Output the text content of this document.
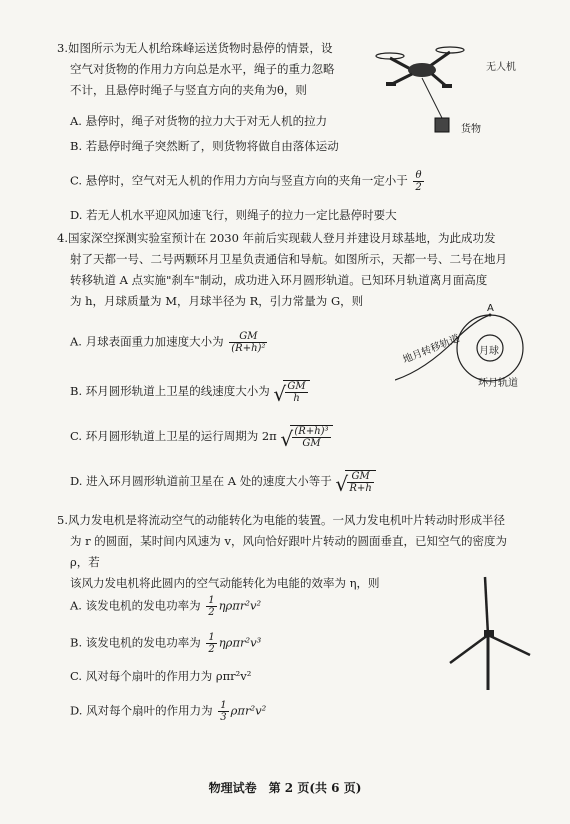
3.如图所示为无人机给珠峰运送货物时悬停的情景，设
空气对货物的作用力方向总是水平，绳子的重力忽略
不计，且悬停时绳子与竖直方向的夹角为θ，则
A. 悬停时，绳子对货物的拉力大于对无人机的拉力
B. 若悬停时绳子突然断了，则货物将做自由落体运动
C. 悬停时，空气对无人机的作用力方向与竖直方向的夹角一定小于 $\frac{\theta}{2}$
D. 若无人机水平迎风加速飞行，则绳子的拉力一定比悬停时要大
无人机
货物
4.国家深空探测实验室预计在 2030 年前后实现载人登月并建设月球基地，为此成功发
射了天都一号、二号两颗环月卫星负责通信和导航。如图所示，天都一号、二号在地月
转移轨道 A 点实施"刹车"制动，成功进入环月圆形轨道。已知环月轨道离月面高度
为 h，月球质量为 M，月球半径为 R，引力常量为 G，则
A. 月球表面重力加速度大小为 $\frac{GM}{\text{(R+h)²}}$
B. 环月圆形轨道上卫星的线速度大小为 √ $\frac{GM}{h}$
C. 环月圆形轨道上卫星的运行周期为 2π √ $\frac{\text{(R+h)³}}{GM}$
D. 进入环月圆形轨道前卫星在 A 处的速度大小等于 √ $\frac{GM}{R+h}$
A
月球
地月转移轨道
环月轨道
5.风力发电机是将流动空气的动能转化为电能的装置。一风力发电机叶片转动时形成半径
为 r 的圆面，某时间内风速为 v，风向恰好跟叶片转动的圆面垂直，已知空气的密度为 ρ，若
该风力发电机将此圆内的空气动能转化为电能的效率为 η，则
A. 该发电机的发电功率为 $\frac{1}{2} \eta\rho\pi r^2v^2$
B. 该发电机的发电功率为 $\frac{1}{2} \eta\rho\pi r^2v^3$
C. 风对每个扇叶的作用力为 ρπr²v²
D. 风对每个扇叶的作用力为 $\frac{1}{3} \rho\pi r^2v^2$
物理试卷　第 2 页(共 6 页)
